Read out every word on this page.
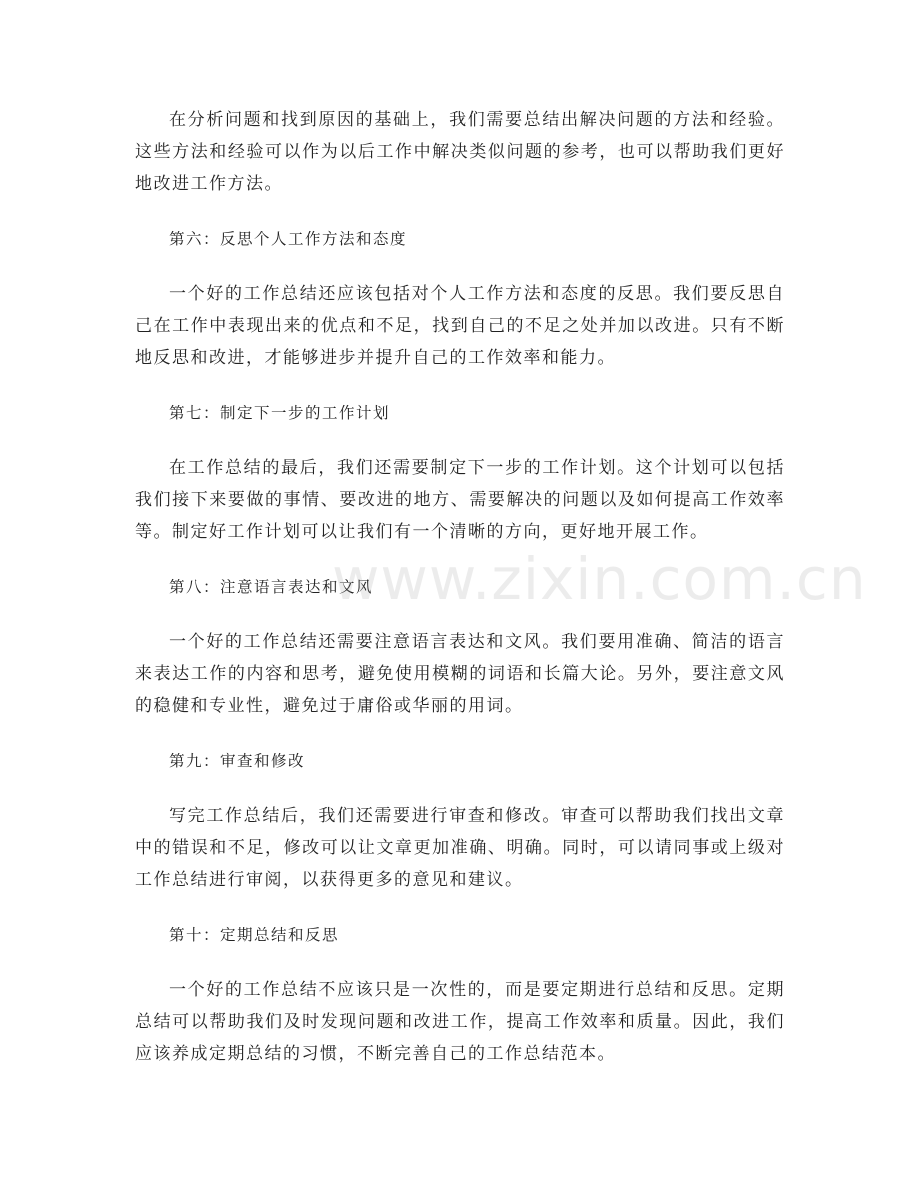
在分析问题和找到原因的基础上，我们需要总结出解决问题的方法和经验。这些方法和经验可以作为以后工作中解决类似问题的参考，也可以帮助我们更好地改进工作方法。

第六：反思个人工作方法和态度

一个好的工作总结还应该包括对个人工作方法和态度的反思。我们要反思自己在工作中表现出来的优点和不足，找到自己的不足之处并加以改进。只有不断地反思和改进，才能够进步并提升自己的工作效率和能力。

第七：制定下一步的工作计划

在工作总结的最后，我们还需要制定下一步的工作计划。这个计划可以包括我们接下来要做的事情、要改进的地方、需要解决的问题以及如何提高工作效率等。制定好工作计划可以让我们有一个清晰的方向，更好地开展工作。

第八：注意语言表达和文风

一个好的工作总结还需要注意语言表达和文风。我们要用准确、简洁的语言来表达工作的内容和思考，避免使用模糊的词语和长篇大论。另外，要注意文风的稳健和专业性，避免过于庸俗或华丽的用词。

第九：审查和修改

写完工作总结后，我们还需要进行审查和修改。审查可以帮助我们找出文章中的错误和不足，修改可以让文章更加准确、明确。同时，可以请同事或上级对工作总结进行审阅，以获得更多的意见和建议。

第十：定期总结和反思

一个好的工作总结不应该只是一次性的，而是要定期进行总结和反思。定期总结可以帮助我们及时发现问题和改进工作，提高工作效率和质量。因此，我们应该养成定期总结的习惯，不断完善自己的工作总结范本。

www.zixin.com.cn
